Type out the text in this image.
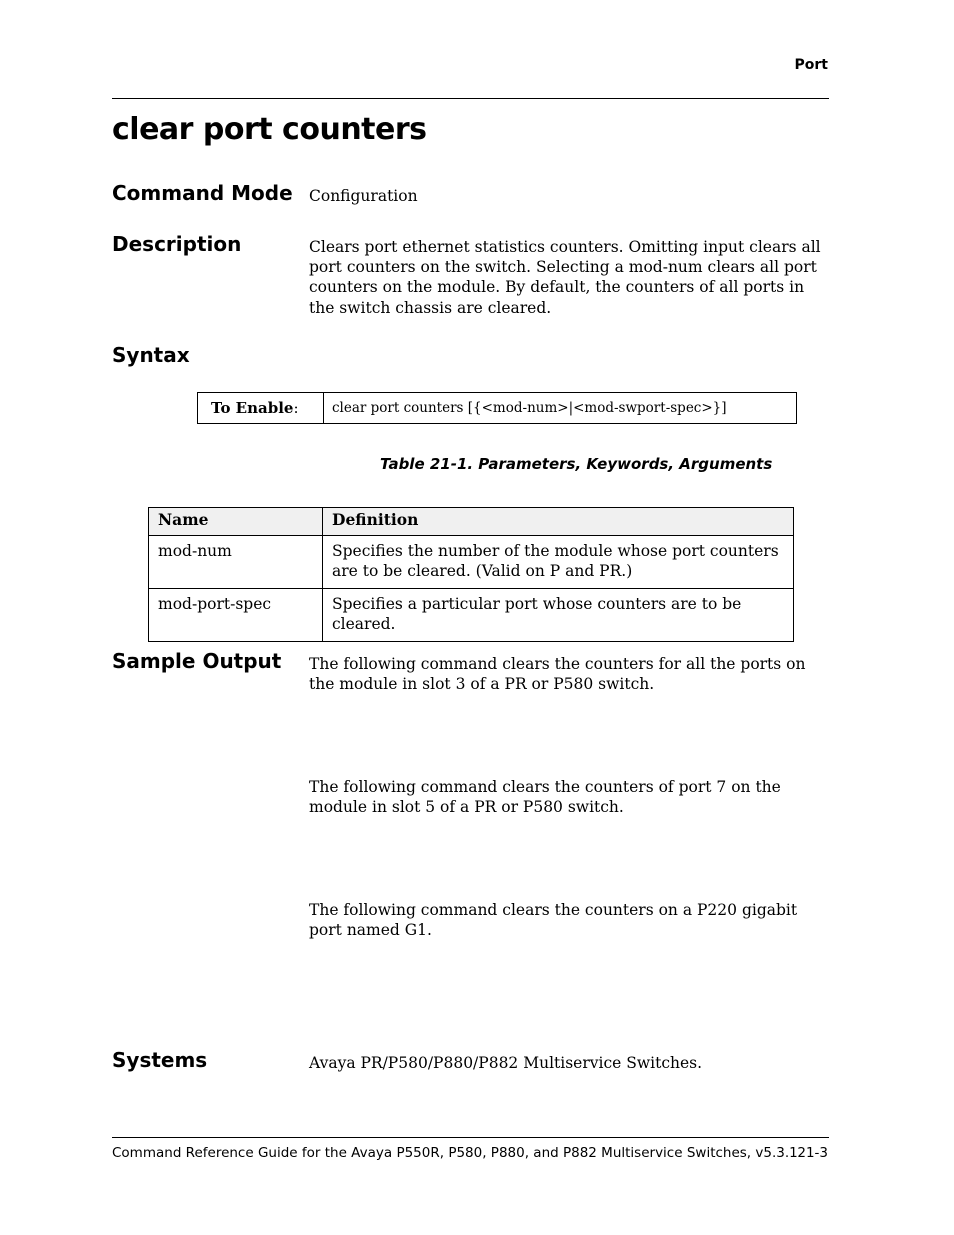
Port
clear port counters
Command Mode Configuration
Description	Clears port ethernet statistics counters. Omitting input clears all port counters on the switch. Selecting a mod-num clears all port counters on the module. By default, the counters of all ports in the switch chassis are cleared.
Syntax
To Enable:	clear port counters [{<mod-num>|<mod-swport-spec>}]
Table 21-1. Parameters, Keywords, Arguments
Name	Definition
mod-num	Specifies the number of the module whose port counters are to be cleared. (Valid on P and PR.)
mod-port-spec	Specifies a particular port whose counters are to be cleared.
Sample Output The following command clears the counters for all the ports on the module in slot 3 of a PR or P580 switch.
The following command clears the counters of port 7 on the module in slot 5 of a PR or P580 switch.
The following command clears the counters on a P220 gigabit port named G1.
Systems	Avaya PR/P580/P880/P882 Multiservice Switches.
Command Reference Guide for the Avaya P550R, P580, P880, and P882 Multiservice Switches, v5.3.1 21-3
